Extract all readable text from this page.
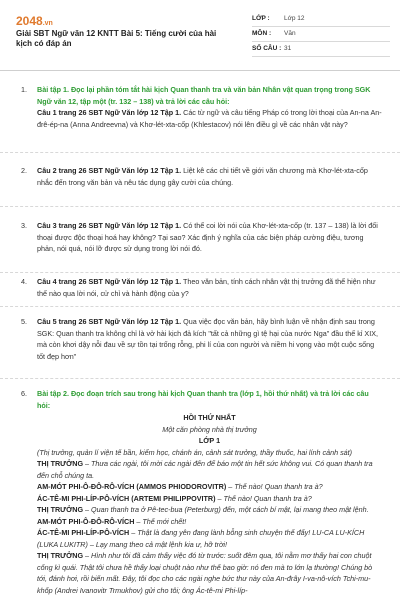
2048.vn
Giải SBT Ngữ văn 12 KNTT Bài 5: Tiếng cười của hài kịch có đáp án
LỚP :	Lớp 12
MÔN :	Văn
SỐ CÂU : 31
1. Bài tập 1. Đọc lại phần tóm tắt hài kịch Quan thanh tra và văn bản Nhân vật quan trọng trong SGK Ngữ văn 12, tập một (tr. 132 – 138) và trả lời các câu hỏi:
Câu 1 trang 26 SBT Ngữ Văn lớp 12 Tập 1. Các từ ngữ và câu tiếng Pháp có trong lời thoại của An-na An-đrê-ép-na (Anna Andreevna) và Khơ-lét-xta-cốp (Khlestacov) nói lên điều gì về các nhân vật này?
2. Câu 2 trang 26 SBT Ngữ Văn lớp 12 Tập 1. Liệt kê các chi tiết về giới văn chương mà Khơ-lét-xta-cốp nhắc đến trong văn bản và nêu tác dụng gây cười của chúng.
3. Câu 3 trang 26 SBT Ngữ Văn lớp 12 Tập 1. Có thể coi lời nói của Khơ-lét-xta-cốp (tr. 137 – 138) là lời đối thoại được độc thoại hoá hay không? Tại sao? Xác định ý nghĩa của các biện pháp cường điệu, tương phản, nói quá, nói lỡ được sử dụng trong lời nói đó.
4. Câu 4 trang 26 SBT Ngữ Văn lớp 12 Tập 1. Theo văn bản, tính cách nhân vật thị trưởng đã thể hiện như thế nào qua lời nói, cử chỉ và hành động của y?
5. Câu 5 trang 26 SBT Ngữ Văn lớp 12 Tập 1. Qua việc đọc văn bản, hãy bình luận về nhận định sau trong SGK: Quan thanh tra không chỉ là vở hài kịch đả kích "tất cả những gì tệ hại của nước Nga" đầu thế kỉ XIX, mà còn khơi dậy nỗi đau về sự tồn tại trống rỗng, phi lí của con người và niềm hi vọng vào một cuộc sống tốt đẹp hơn"
6. Bài tập 2. Đọc đoạn trích sau trong hài kịch Quan thanh tra (lớp 1, hồi thứ nhất) và trả lời các câu hỏi:
HỒI THỨ NHẤT
Một căn phòng nhà thị trưởng
LỚP 1
(Thị trưởng, quản lí viện tế bần, kiểm học, chánh án, cảnh sát trưởng, thầy thuốc, hai lính cảnh sát)
THỊ TRƯỞNG – Thưa các ngài, tôi mời các ngài đến để báo một tin hết sức không vui. Có quan thanh tra đến chỗ chúng ta.
AM-MÓT PHI-Ô-ĐÔ-RÔ-VÍCH (AMMOS PHIODOROVITR) – Thế nào! Quan thanh tra à?
ÁC-TÊ-MI PHI-LÍP-PÔ-VÍCH (ARTEMI PHILIPPOVITR) – Thế nào! Quan thanh tra à?
THỊ TRƯỞNG – Quan thanh tra ở Pê-tec-bua (Peterburg) đến, một cách bí mật, lại mang theo mật lệnh.
AM-MÓT PHI-Ô-ĐÔ-RÔ-VÍCH – Thế mới chết!
ÁC-TÊ-MI PHI-LÍP-PÔ-VÍCH – Thật là đang yên đang lành bỗng sinh chuyện thế đấy! LU-CA LU-KÍCH (LUKA LUKITR) – Lạy mang theo cả mật lệnh kia ư, hỡ trời!
THỊ TRƯỞNG – Hình như tôi đã cảm thấy việc đó từ trước: suốt đêm qua, tôi nằm mơ thấy hai con chuột cống kì quái. Thật tôi chưa hề thấy loại chuột nào như thế bao giờ: nó đen mà to lớn lạ thường! Chúng bò tới, đánh hơi, rồi biến mất. Đây, tôi đọc cho các ngài nghe bức thư này của An-đrây I-va-nô-vích Tchi-mu-khốp (Andrei Ivanovitr Trmukhov) gửi cho tôi; ông Ác-tê-mi Phi-líp-
